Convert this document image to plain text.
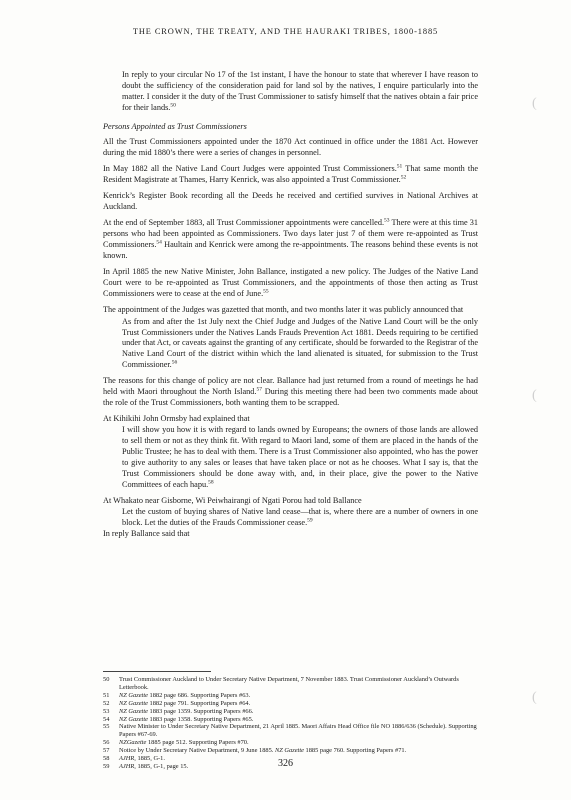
THE CROWN, THE TREATY, AND THE HAURAKI TRIBES, 1800-1885

In reply to your circular No 17 of the 1st instant, I have the honour to state that wherever I have reason to doubt the sufficiency of the consideration paid for land sol by the natives, I enquire particularly into the matter. I consider it the duty of the Trust Commissioner to satisfy himself that the natives obtain a fair price for their lands.$^{50}$

Persons Appointed as Trust Commissioners

All the Trust Commissioners appointed under the 1870 Act continued in office under the 1881 Act. However during the mid 1880’s there were a series of changes in personnel.

In May 1882 all the Native Land Court Judges were appointed Trust Commissioners.$^{51}$ That same month the Resident Magistrate at Thames, Harry Kenrick, was also appointed a Trust Commissioner.$^{52}$

Kenrick’s Register Book recording all the Deeds he received and certified survives in National Archives at Auckland.

At the end of September 1883, all Trust Commissioner appointments were cancelled.$^{53}$ There were at this time 31 persons who had been appointed as Commissioners. Two days later just 7 of them were re-appointed as Trust Commissioners.$^{54}$ Haultain and Kenrick were among the re-appointments. The reasons behind these events is not known.

In April 1885 the new Native Minister, John Ballance, instigated a new policy. The Judges of the Native Land Court were to be re-appointed as Trust Commissioners, and the appointments of those then acting as Trust Commissioners were to cease at the end of June.$^{55}$

The appointment of the Judges was gazetted that month, and two months later it was publicly announced that

As from and after the 1st July next the Chief Judge and Judges of the Native Land Court will be the only Trust Commissioners under the Natives Lands Frauds Prevention Act 1881. Deeds requiring to be certified under that Act, or caveats against the granting of any certificate, should be forwarded to the Registrar of the Native Land Court of the district within which the land alienated is situated, for submission to the Trust Commissioner.$^{56}$

The reasons for this change of policy are not clear. Ballance had just returned from a round of meetings he had held with Maori throughout the North Island.$^{57}$ During this meeting there had been two comments made about the role of the Trust Commissioners, both wanting them to be scrapped.

At Kihikihi John Ormsby had explained that

I will show you how it is with regard to lands owned by Europeans; the owners of those lands are allowed to sell them or not as they think fit. With regard to Maori land, some of them are placed in the hands of the Public Trustee; he has to deal with them. There is a Trust Commissioner also appointed, who has the power to give authority to any sales or leases that have taken place or not as he chooses. What I say is, that the Trust Commissioners should be done away with, and, in their place, give the power to the Native Committees of each hapu.$^{58}$

At Whakato near Gisborne, Wi Peiwhairangi of Ngati Porou had told Ballance

Let the custom of buying shares of Native land cease—that is, where there are a number of owners in one block. Let the duties of the Frauds Commissioner cease.$^{59}$

In reply Ballance said that

50	Trust Commissioner Auckland to Under Secretary Native Department, 7 November 1883. Trust Commissioner Auckland’s Outwards Letterbook.
51	NZ Gazette 1882 page 686. Supporting Papers #63.
52	NZ Gazette 1882 page 791. Supporting Papers #64.
53	NZ Gazette 1883 page 1359. Supporting Papers #66.
54	NZ Gazette 1883 page 1358. Supporting Papers #65.
55	Native Minister to Under Secretary Native Department, 21 April 1885. Maori Affairs Head Office file NO 1886/636 (Schedule). Supporting Papers #67-69.
56	NZGazette 1885 page 512. Supporting Papers #70.
57	Notice by Under Secretary Native Department, 9 June 1885. NZ Gazette 1885 page 760. Supporting Papers #71.
58	AJHR, 1885, G-1.
59	AJHR, 1885, G-1, page 15.	326
(
(
(
